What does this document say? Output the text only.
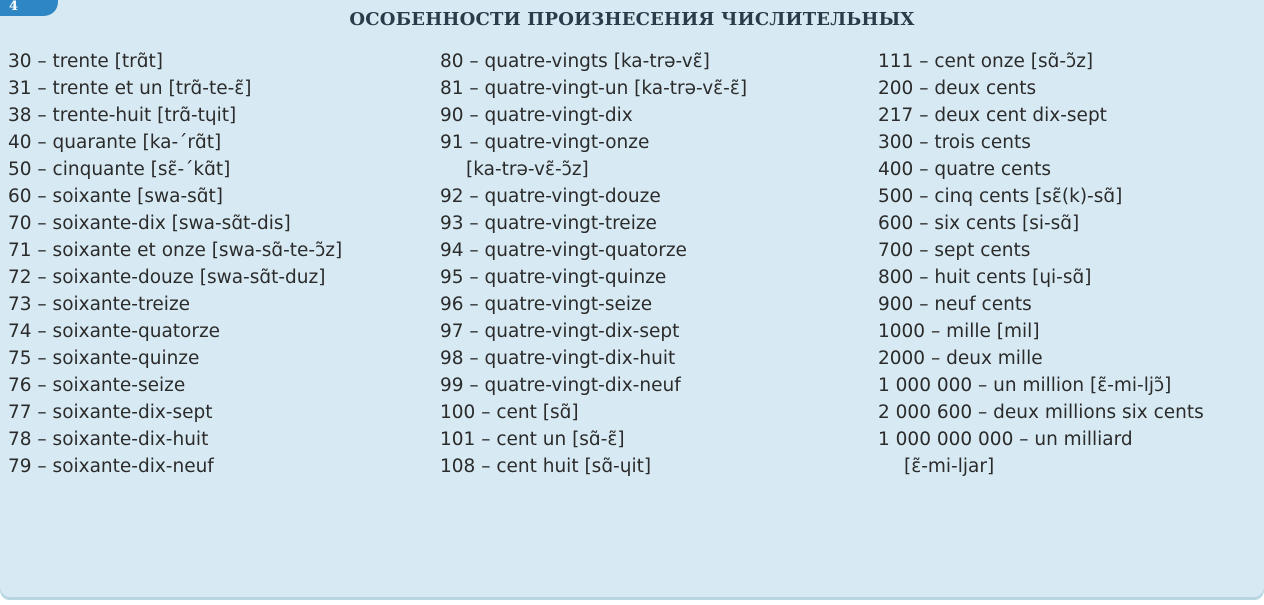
4
ОСОБЕННОСТИ ПРОИЗНЕСЕНИЯ ЧИСЛИТЕЛЬНЫХ
30 – trente [trɑ̃t]
31 – trente et un [trɑ̃-te-ɛ̃]
38 – trente-huit [trɑ̃-tɥit]
40 – quarante [ka-ˊrɑ̃t]
50 – cinquante [sɛ̃-ˊkɑ̃t]
60 – soixante [swa-sɑ̃t]
70 – soixante-dix [swa-sɑ̃t-dis]
71 – soixante et onze [swa-sɑ̃-te-ɔ̃z]
72 – soixante-douze [swa-sɑ̃t-duz]
73 – soixante-treize
74 – soixante-quatorze
75 – soixante-quinze
76 – soixante-seize
77 – soixante-dix-sept
78 – soixante-dix-huit
79 – soixante-dix-neuf
80 – quatre-vingts [ka-trə-vɛ̃]
81 – quatre-vingt-un [ka-trə-vɛ̃-ɛ̃]
90 – quatre-vingt-dix
91 – quatre-vingt-onze
[ka-trə-vɛ̃-ɔ̃z]
92 – quatre-vingt-douze
93 – quatre-vingt-treize
94 – quatre-vingt-quatorze
95 – quatre-vingt-quinze
96 – quatre-vingt-seize
97 – quatre-vingt-dix-sept
98 – quatre-vingt-dix-huit
99 – quatre-vingt-dix-neuf
100 – cent [sɑ̃]
101 – cent un [sɑ̃-ɛ̃]
108 – cent huit [sɑ̃-ɥit]
111 – cent onze [sɑ̃-ɔ̃z]
200 – deux cents
217 – deux cent dix-sept
300 – trois cents
400 – quatre cents
500 – cinq cents [sɛ̃(k)-sɑ̃]
600 – six cents [si-sɑ̃]
700 – sept cents
800 – huit cents [ɥi-sɑ̃]
900 – neuf cents
1000 – mille [mil]
2000 – deux mille
1 000 000 – un million [ɛ̃-mi-ljɔ̃]
2 000 600 – deux millions six cents
1 000 000 000 – un milliard
[ɛ̃-mi-ljar]
